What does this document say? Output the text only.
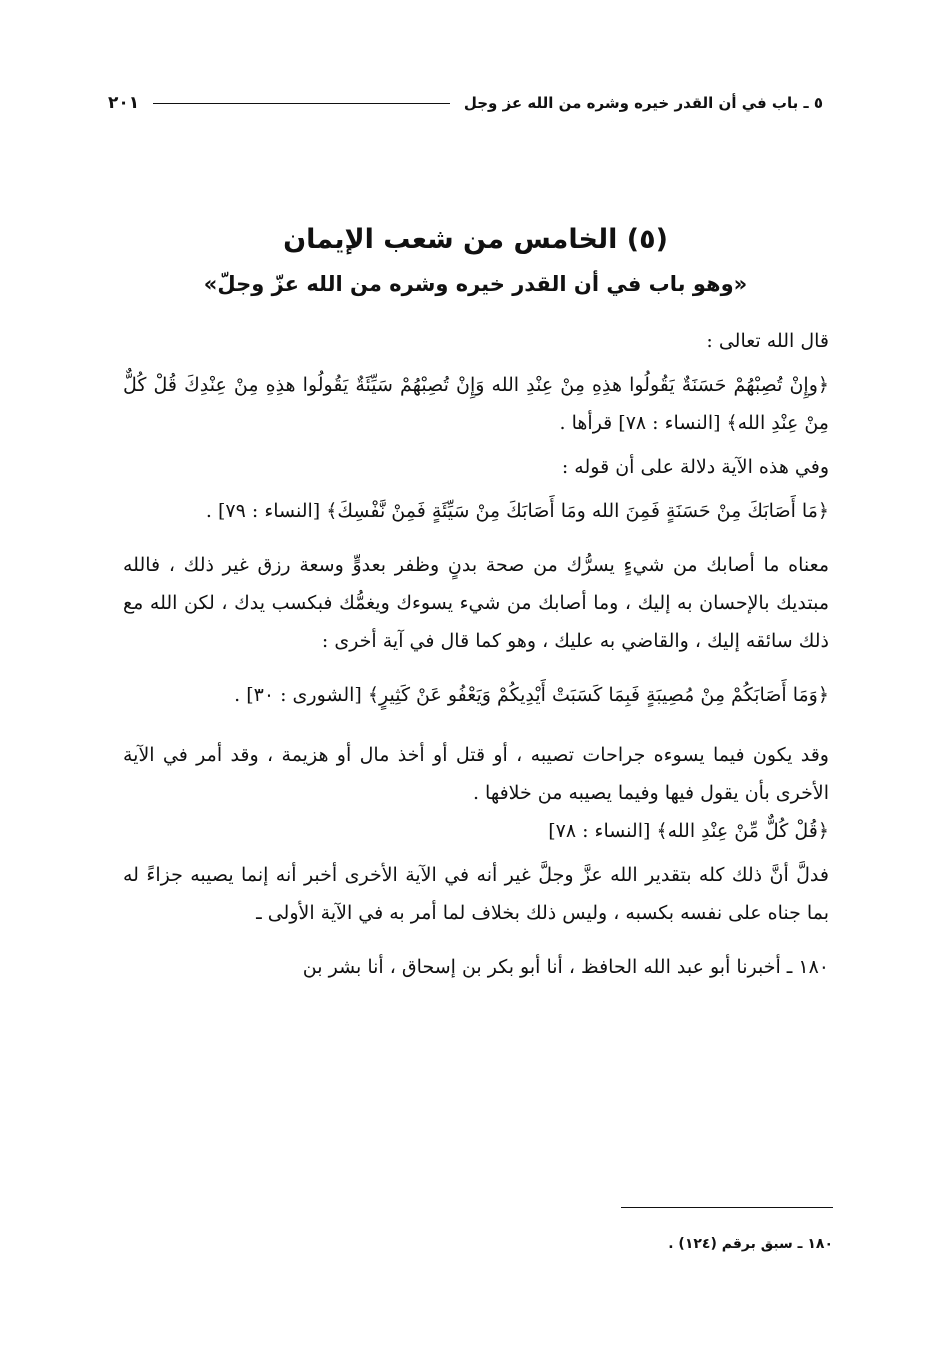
٥ ـ باب في أن القدر خيره وشره من الله عز وجل
٢٠١
(٥) الخامس من شعب الإيمان
«وهو باب في أن القدر خيره وشره من الله عزّ وجلّ»

قال الله تعالى :

﴿وإِنْ تُصِبْهُمْ حَسَنَةٌ يَقُولُوا هذِهِ مِنْ عِنْدِ الله وَإِنْ تُصِبْهُمْ سَيِّئَةٌ يَقُولُوا هذِهِ مِنْ عِنْدِكَ قُلْ كُلٌّ مِنْ عِنْدِ الله﴾ [النساء : ٧٨] قرأها .

وفي هذه الآية دلالة على أن قوله :

﴿مَا أَصَابَكَ مِنْ حَسَنَةٍ فَمِنَ الله ومَا أَصَابَكَ مِنْ سَيِّئَةٍ فَمِنْ نَّفْسِكَ﴾ [النساء : ٧٩] .

معناه ما أصابك من شيءٍ يسرُّك من صحة بدنٍ وظفر بعدوٍّ وسعة رزق غير ذلك ، فالله مبتديك بالإحسان به إليك ، وما أصابك من شيء يسوءك ويغمُّك فبكسب يدك ، لكن الله مع ذلك سائقه إليك ، والقاضي به عليك ، وهو كما قال في آية أخرى :

﴿وَمَا أَصَابَكُمْ مِنْ مُصِيبَةٍ فَبِمَا كَسَبَتْ أَيْدِيكُمْ وَيَعْفُو عَنْ كَثِيرٍ﴾ [الشورى : ٣٠] .

وقد يكون فيما يسوءه جراحات تصيبه ، أو قتل أو أخذ مال أو هزيمة ، وقد أمر في الآية الأخرى بأن يقول فيها وفيما يصيبه من خلافها .

﴿قُلْ كُلٌّ مِّنْ عِنْدِ الله﴾ [النساء : ٧٨]

فدلَّ أنَّ ذلك كله بتقدير الله عزَّ وجلَّ غير أنه في الآية الأخرى أخبر أنه إنما يصيبه جزاءً له بما جناه على نفسه بكسبه ، وليس ذلك بخلاف لما أمر به في الآية الأولى ـ

١٨٠ ـ أخبرنا أبو عبد الله الحافظ ، أنا أبو بكر بن إسحاق ، أنا بشر بن

١٨٠ ـ سبق برقم (١٢٤) .
